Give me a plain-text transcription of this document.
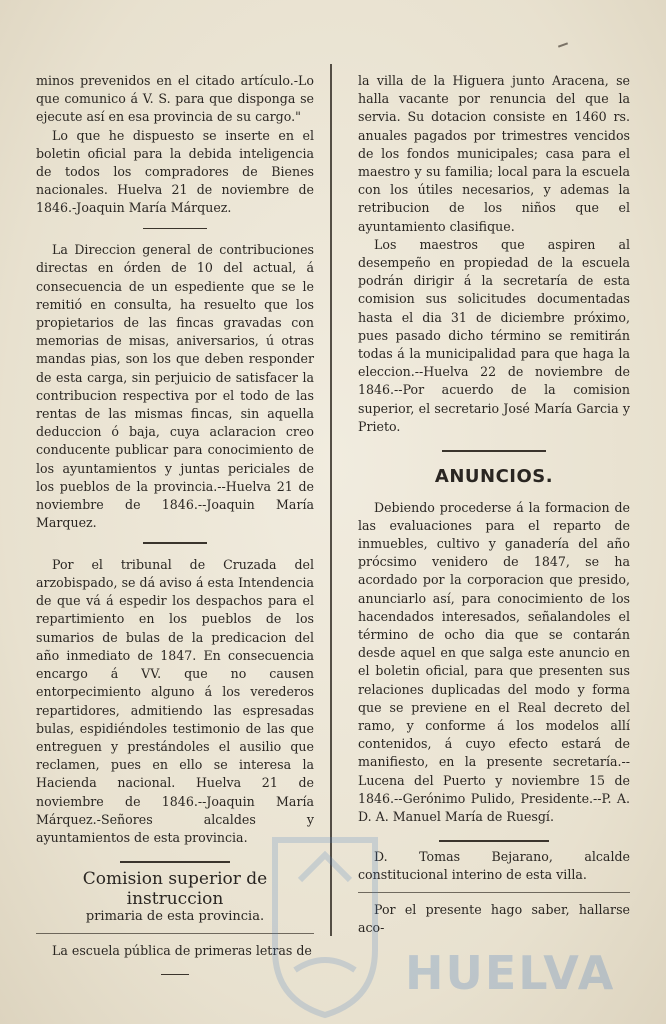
minos prevenidos en el citado artículo.-Lo que comunico á V. S. para que disponga se ejecute así en esa provincia de su cargo."

Lo que he dispuesto se inserte en el boletin oficial para la debida inteligencia de todos los compradores de Bienes nacionales. Huelva 21 de noviembre de 1846.-Joaquin María Márquez.

La Direccion general de contribuciones directas en órden de 10 del actual, á consecuencia de un espediente que se le remitió en consulta, ha resuelto que los propietarios de las fincas gravadas con memorias de misas, aniversarios, ú otras mandas pias, son los que deben responder de esta carga, sin perjuicio de satisfacer la contribucion respectiva por el todo de las rentas de las mismas fincas, sin aquella deduccion ó baja, cuya aclaracion creo conducente publicar para conocimiento de los ayuntamientos y juntas periciales de los pueblos de la provincia.--Huelva 21 de noviembre de 1846.--Joaquin María Marquez.

Por el tribunal de Cruzada del arzobispado, se dá aviso á esta Intendencia de que vá á espedir los despachos para el repartimiento en los pueblos de los sumarios de bulas de la predicacion del año inmediato de 1847. En consecuencia encargo á VV. que no causen entorpecimiento alguno á los verederos repartidores, admitiendo las espresadas bulas, espidiéndoles testimonio de las que entreguen y prestándoles el ausilio que reclamen, pues en ello se interesa la Hacienda nacional. Huelva 21 de noviembre de 1846.--Joaquin María Márquez.-Señores alcaldes y ayuntamientos de esta provincia.

Comision superior de instruccion
primaria de esta provincia.

La escuela pública de primeras letras de

la villa de la Higuera junto Aracena, se halla vacante por renuncia del que la servia. Su dotacion consiste en 1460 rs. anuales pagados por trimestres vencidos de los fondos municipales; casa para el maestro y su familia; local para la escuela con los útiles necesarios, y ademas la retribucion de los niños que el ayuntamiento clasifique.

Los maestros que aspiren al desempeño en propiedad de la escuela podrán dirigir á la secretaría de esta comision sus solicitudes documentadas hasta el dia 31 de diciembre próximo, pues pasado dicho término se remitirán todas á la municipalidad para que haga la eleccion.--Huelva 22 de noviembre de 1846.--Por acuerdo de la comision superior, el secretario José María Garcia y Prieto.

ANUNCIOS.

Debiendo procederse á la formacion de las evaluaciones para el reparto de inmuebles, cultivo y ganadería del año prócsimo venidero de 1847, se ha acordado por la corporacion que presido, anunciarlo así, para conocimiento de los hacendados interesados, señalandoles el término de ocho dia que se contarán desde aquel en que salga este anuncio en el boletin oficial, para que presenten sus relaciones duplicadas del modo y forma que se previene en el Real decreto del ramo, y conforme á los modelos allí contenidos, á cuyo efecto estará de manifiesto, en la presente secretaría.--Lucena del Puerto y noviembre 15 de 1846.--Gerónimo Pulido, Presidente.--P. A. D. A. Manuel María de Ruesgí.

D. Tomas Bejarano, alcalde constitucional interino de esta villa.

Por el presente hago saber, hallarse aco-

HUELVA
